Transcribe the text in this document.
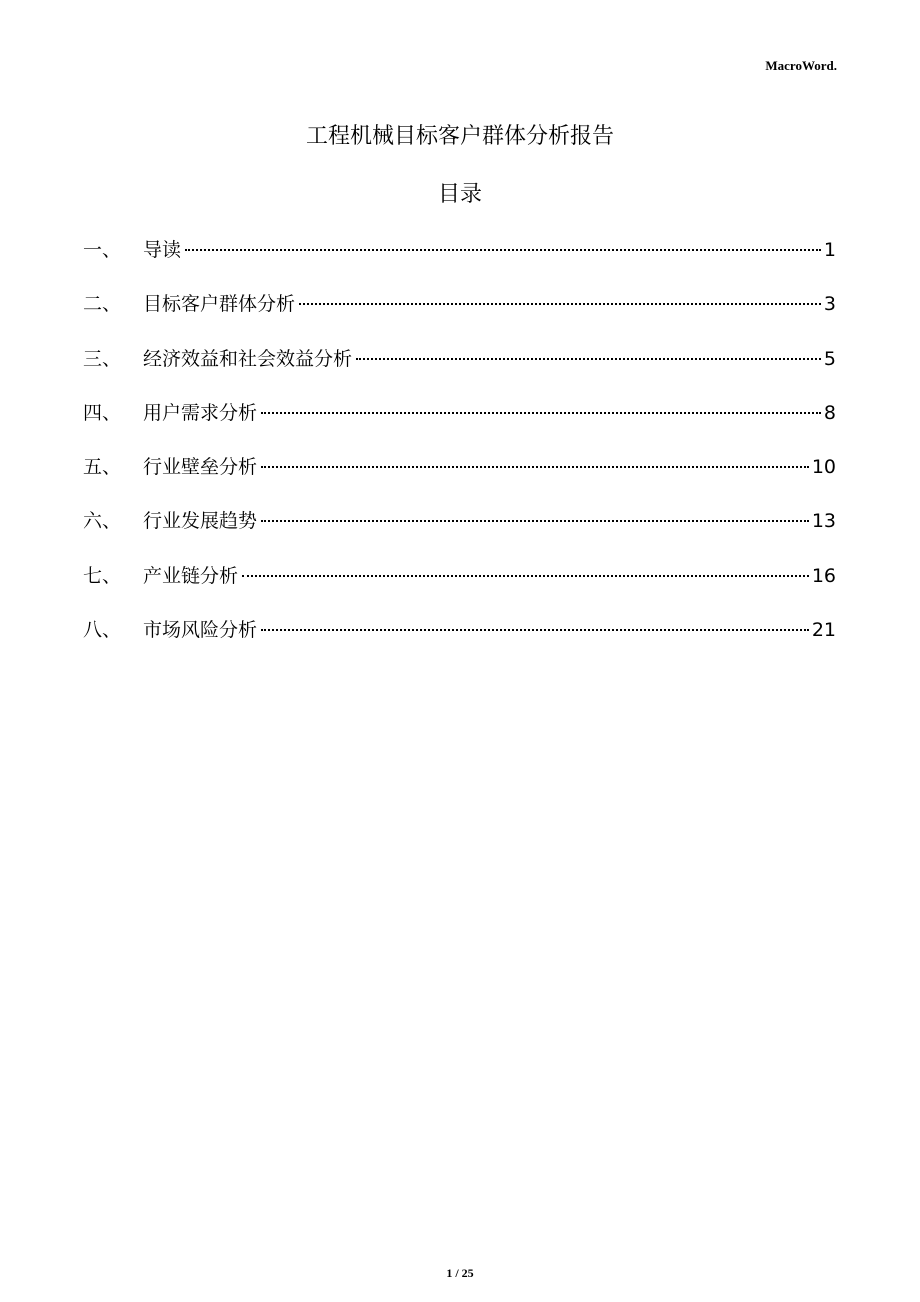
MacroWord.
工程机械目标客户群体分析报告
目录
一、	导读	1
二、	目标客户群体分析	3
三、	经济效益和社会效益分析	5
四、	用户需求分析	8
五、	行业壁垒分析	10
六、	行业发展趋势	13
七、	产业链分析	16
八、	市场风险分析	21
1 / 25
